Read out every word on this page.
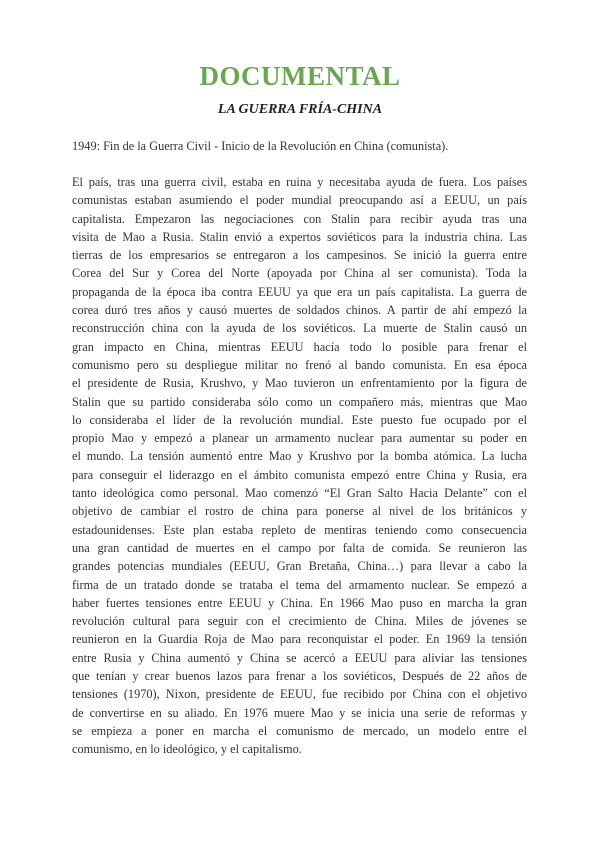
DOCUMENTAL
LA GUERRA FRÍA-CHINA

1949: Fin de la Guerra Civil - Inicio de la Revolución en China (comunista).

El país, tras una guerra civil, estaba en ruina y necesitaba ayuda de fuera. Los países
comunistas estaban asumiendo el poder mundial preocupando así a EEUU, un país
capitalista. Empezaron las negociaciones con Stalin para recibir ayuda tras una
visita de Mao a Rusia. Stalin envió a expertos soviéticos para la industria china. Las
tierras de los empresarios se entregaron a los campesinos. Se inició la guerra entre
Corea del Sur y Corea del Norte (apoyada por China al ser comunista). Toda la
propaganda de la época iba contra EEUU ya que era un país capitalista. La guerra de
corea duró tres años y causó muertes de soldados chinos. A partir de ahí empezó la
reconstrucción china con la ayuda de los soviéticos. La muerte de Stalin causó un
gran impacto en China, mientras EEUU hacía todo lo posible para frenar el
comunismo pero su despliegue militar no frenó al bando comunista. En esa época
el presidente de Rusia, Krushvo, y Mao tuvieron un enfrentamiento por la figura de
Stalin que su partido consideraba sólo como un compañero más, mientras que Mao
lo consideraba el líder de la revolución mundial. Este puesto fue ocupado por el
propio Mao y empezó a planear un armamento nuclear para aumentar su poder en
el mundo. La tensión aumentó entre Mao y Krushvo por la bomba atómica. La lucha
para conseguir el liderazgo en el ámbito comunista empezó entre China y Rusia, era
tanto ideológica como personal. Mao comenzó “El Gran Salto Hacia Delante” con el
objetivo de cambiar el rostro de china para ponerse al nivel de los británicos y
estadounidenses. Este plan estaba repleto de mentiras teniendo como consecuencia
una gran cantidad de muertes en el campo por falta de comida. Se reunieron las
grandes potencias mundiales (EEUU, Gran Bretaña, China…) para llevar a cabo la
firma de un tratado donde se trataba el tema del armamento nuclear. Se empezó a
haber fuertes tensiones entre EEUU y China. En 1966 Mao puso en marcha la gran
revolución cultural para seguir con el crecimiento de China. Miles de jóvenes se
reunieron en la Guardia Roja de Mao para reconquistar el poder. En 1969 la tensión
entre Rusia y China aumentó y China se acercó a EEUU para aliviar las tensiones
que tenían y crear buenos lazos para frenar a los soviéticos, Después de 22 años de
tensiones (1970), Nixon, presidente de EEUU, fue recibido por China con el objetivo
de convertirse en su aliado. En 1976 muere Mao y se inicia una serie de reformas y
se empieza a poner en marcha el comunismo de mercado, un modelo entre el
comunismo, en lo ideológico, y el capitalismo.
